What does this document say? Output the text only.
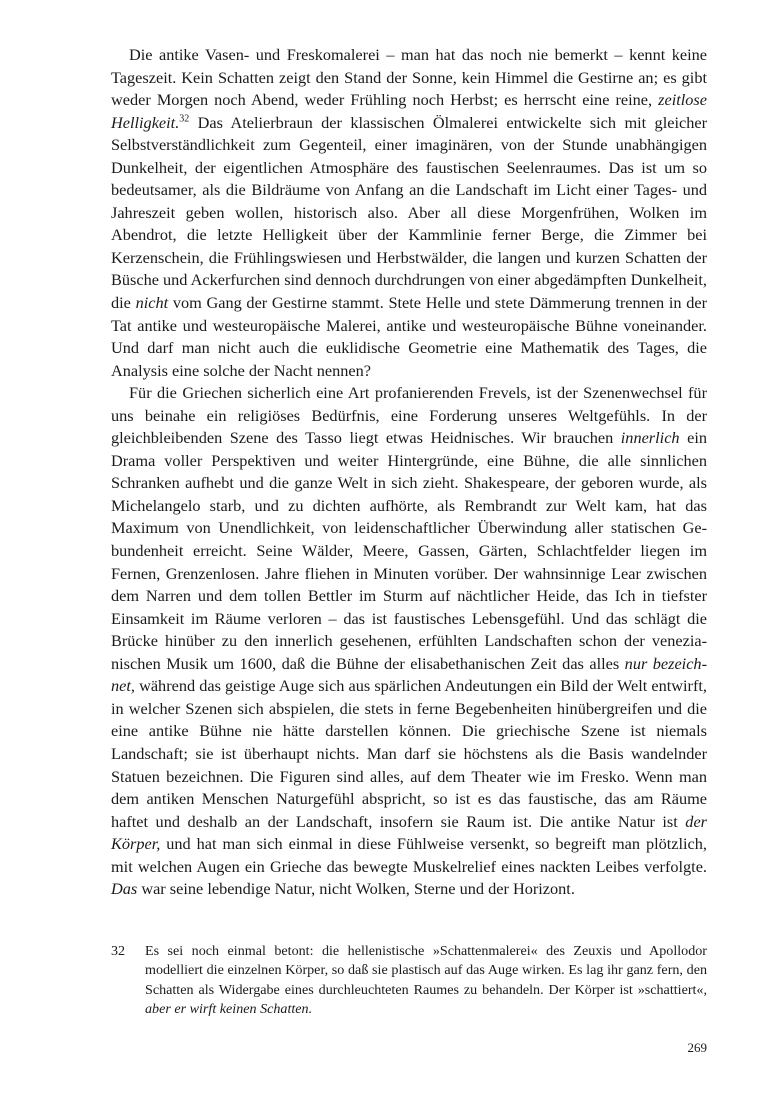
Die antike Vasen- und Freskomalerei – man hat das noch nie bemerkt – kennt keine Tageszeit. Kein Schatten zeigt den Stand der Sonne, kein Himmel die Gestirne an; es gibt weder Morgen noch Abend, weder Frühling noch Herbst; es herrscht eine reine, zeitlose Helligkeit.$^{32}$ Das Atelierbraun der klassischen Ölmalerei entwickelte sich mit gleicher Selbstverständlichkeit zum Gegenteil, einer imaginären, von der Stunde unabhängigen Dunkelheit, der eigentlichen Atmosphäre des faustischen Seelenraumes. Das ist um so bedeutsamer, als die Bildräume von Anfang an die Landschaft im Licht einer Tages- und Jahreszeit geben wollen, historisch also. Aber all diese Morgenfrühen, Wolken im Abendrot, die letzte Helligkeit über der Kammlinie ferner Berge, die Zimmer bei Kerzenschein, die Frühlingswiesen und Herbstwälder, die langen und kurzen Schatten der Büsche und Ackerfurchen sind dennoch durchdrungen von einer abgedämpften Dunkelheit, die nicht vom Gang der Gestirne stammt. Stete Helle und stete Dämmerung trennen in der Tat antike und westeuropäische Malerei, antike und westeuropäische Bühne voneinander. Und darf man nicht auch die euklidische Geometrie eine Mathematik des Tages, die Analysis eine solche der Nacht nennen?

Für die Griechen sicherlich eine Art profanierenden Frevels, ist der Szenenwechsel für uns beinahe ein religiöses Bedürfnis, eine Forderung unseres Weltgefühls. In der gleichbleibenden Szene des Tasso liegt etwas Heidnisches. Wir brauchen innerlich ein Drama voller Perspektiven und weiter Hintergründe, eine Bühne, die alle sinnlichen Schranken aufhebt und die ganze Welt in sich zieht. Shakespeare, der geboren wurde, als Michelangelo starb, und zu dichten aufhörte, als Rembrandt zur Welt kam, hat das Maximum von Unendlichkeit, von leidenschaftlicher Überwindung aller statischen Gebundenheit erreicht. Seine Wälder, Meere, Gassen, Gärten, Schlachtfelder liegen im Fernen, Grenzenlosen. Jahre fliehen in Minuten vorüber. Der wahnsinnige Lear zwischen dem Narren und dem tollen Bettler im Sturm auf nächtlicher Heide, das Ich in tiefster Einsamkeit im Räume verloren – das ist faustisches Lebensgefühl. Und das schlägt die Brücke hinüber zu den innerlich gesehenen, erfühlten Landschaften schon der venezianischen Musik um 1600, daß die Bühne der elisabethanischen Zeit das alles nur bezeichnet, während das geistige Auge sich aus spärlichen Andeutungen ein Bild der Welt entwirft, in welcher Szenen sich abspielen, die stets in ferne Begebenheiten hinübergreifen und die eine antike Bühne nie hätte darstellen können. Die griechische Szene ist niemals Landschaft; sie ist überhaupt nichts. Man darf sie höchstens als die Basis wandelnder Statuen bezeichnen. Die Figuren sind alles, auf dem Theater wie im Fresko. Wenn man dem antiken Menschen Naturgefühl abspricht, so ist es das faustische, das am Räume haftet und deshalb an der Landschaft, insofern sie Raum ist. Die antike Natur ist der Körper, und hat man sich einmal in diese Fühlweise versenkt, so begreift man plötzlich, mit welchen Augen ein Grieche das bewegte Muskelrelief eines nackten Leibes verfolgte. Das war seine lebendige Natur, nicht Wolken, Sterne und der Horizont.

32 Es sei noch einmal betont: die hellenistische »Schattenmalerei« des Zeuxis und Apollodor modelliert die einzelnen Körper, so daß sie plastisch auf das Auge wirken. Es lag ihr ganz fern, den Schatten als Widergabe eines durchleuchteten Raumes zu behandeln. Der Körper ist »schattiert«, aber er wirft keinen Schatten.
269
